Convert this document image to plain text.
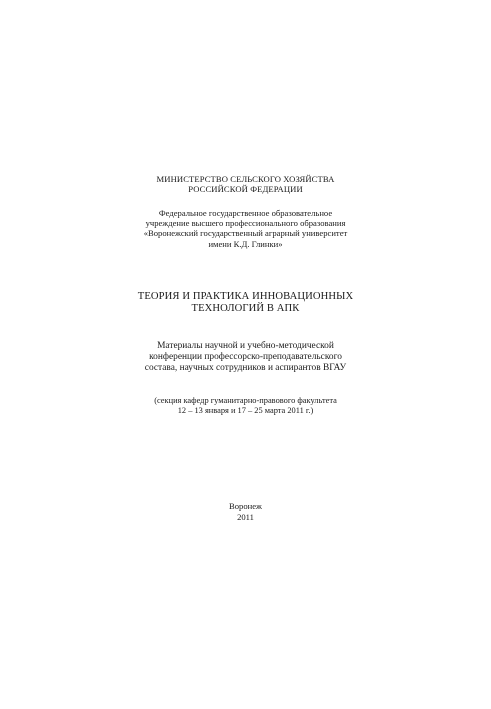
МИНИСТЕРСТВО СЕЛЬСКОГО ХОЗЯЙСТВА
РОССИЙСКОЙ ФЕДЕРАЦИИ
Федеральное государственное образовательное
учреждение высшего профессионального образования
«Воронежский государственный аграрный университет
имени К.Д. Глинки»
ТЕОРИЯ И ПРАКТИКА ИННОВАЦИОННЫХ
ТЕХНОЛОГИЙ В АПК
Материалы научной и учебно-методической
конференции профессорско-преподавательского
состава, научных сотрудников и аспирантов ВГАУ
(секция кафедр гуманитарно-правового факультета
12 – 13 января и 17 – 25 марта 2011 г.)
Воронеж
2011
